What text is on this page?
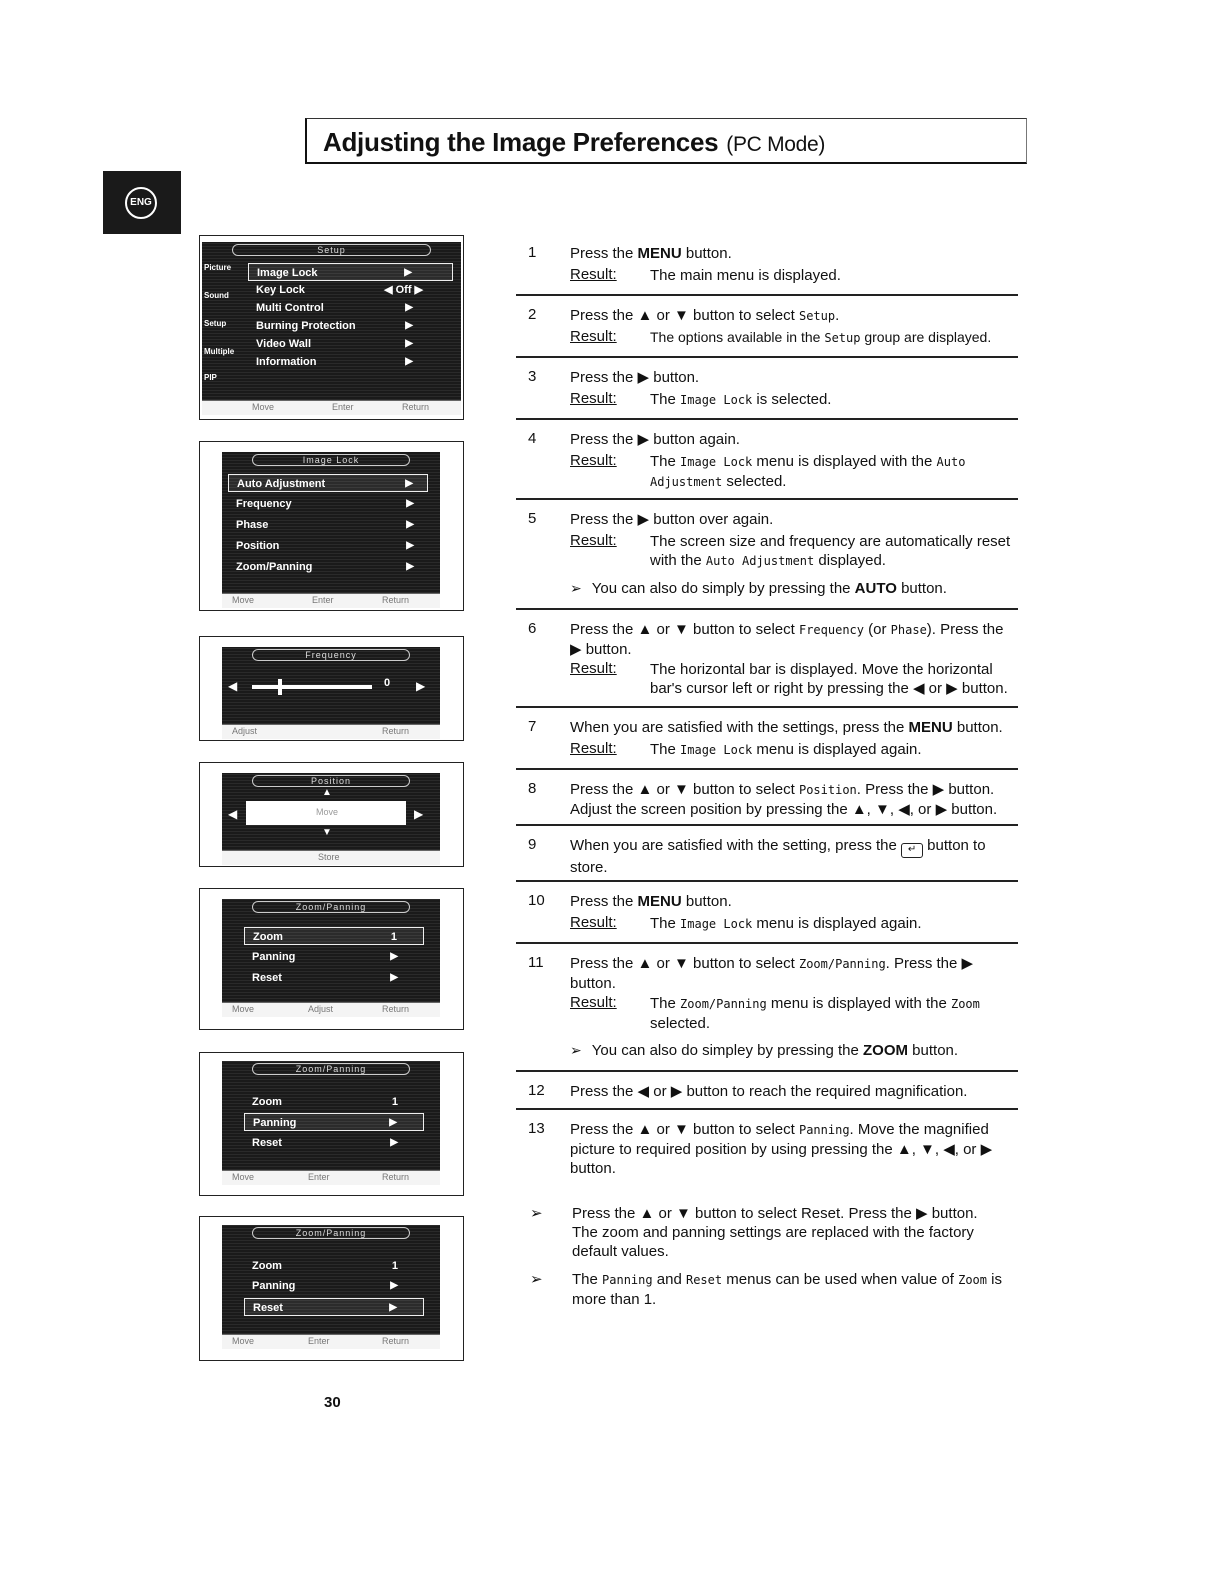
Adjusting the Image Preferences (PC Mode)
ENG
Setup
Picture
Sound
Setup
Multiple
PIP
Image Lock	▶
Key Lock	◀ Off ▶
Multi Control	▶
Burning Protection	▶
Video Wall	▶
Information	▶
Move	Enter	Return
Image Lock
Auto Adjustment	▶
Frequency	▶
Phase	▶
Position	▶
Zoom/Panning	▶
Move	Enter	Return
Frequency
◀	0 ▶
Adjust	Return
Position
▲
◀	Move	▶
▼
Store
Zoom/Panning
Zoom	1
Panning	▶
Reset	▶
Move	Adjust	Return
Zoom/Panning
Zoom	1
Panning	▶
Reset	▶
Move	Enter	Return
Zoom/Panning
Zoom	1
Panning	▶
Reset	▶
Move	Enter	Return
1 Press the MENU button.
Result: The main menu is displayed.
2 Press the ▲ or ▼ button to select Setup.
Result: The options available in the Setup group are displayed.
3 Press the ▶ button.
Result: The Image Lock is selected.
4 Press the ▶ button again.
Result: The Image Lock menu is displayed with the Auto Adjustment selected.
5 Press the ▶ button over again.
Result: The screen size and frequency are automatically reset with the Auto Adjustment displayed.
➢ You can also do simply by pressing the AUTO button.
6 Press the ▲ or ▼ button to select Frequency (or Phase). Press the ▶ button.
Result: The horizontal bar is displayed. Move the horizontal bar's cursor left or right by pressing the ◀ or ▶ button.
7 When you are satisfied with the settings, press the MENU button.
Result: The Image Lock menu is displayed again.
8 Press the ▲ or ▼ button to select Position. Press the ▶ button. Adjust the screen position by pressing the ▲, ▼, ◀, or ▶ button.
9 When you are satisfied with the setting, press the ↵ button to store.
10 Press the MENU button.
Result: The Image Lock menu is displayed again.
11 Press the ▲ or ▼ button to select Zoom/Panning. Press the ▶ button.
Result: The Zoom/Panning menu is displayed with the Zoom selected.
➢ You can also do simpley by pressing the ZOOM button.
12 Press the ◀ or ▶ button to reach the required magnification.
13 Press the ▲ or ▼ button to select Panning. Move the magnified picture to required position by using pressing the ▲, ▼, ◀, or ▶ button.
➢ Press the ▲ or ▼ button to select Reset. Press the ▶ button. The zoom and panning settings are replaced with the factory default values.
➢ The Panning and Reset menus can be used when value of Zoom is more than 1.
30
